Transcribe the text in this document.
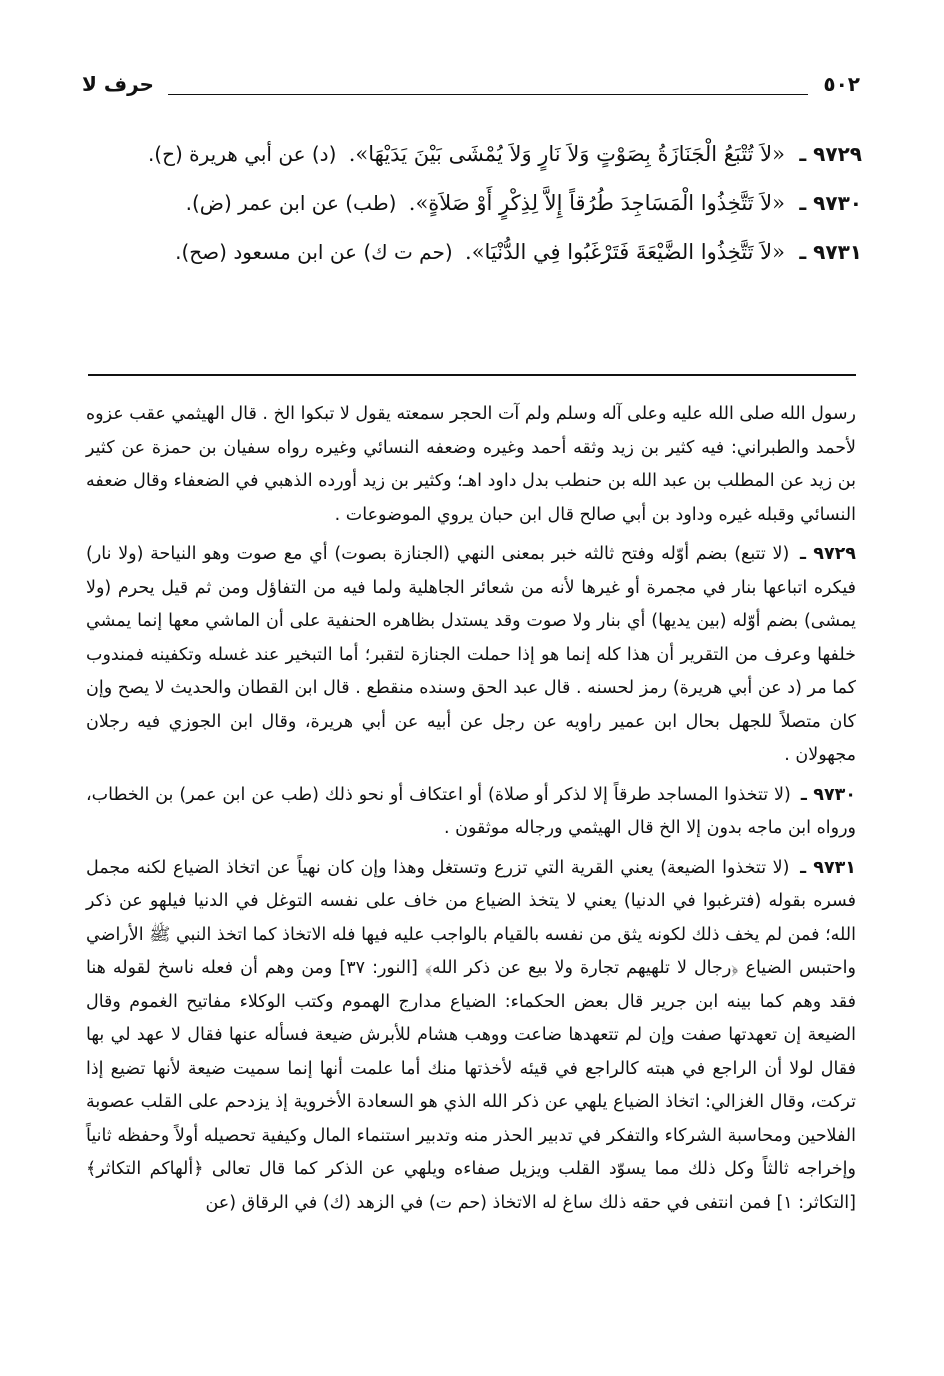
٥٠٢
حرف لا

٩٧٢٩ ـ «لاَ تُتْبَعُ الْجَنَازَةُ بِصَوْتٍ وَلاَ نَارٍ وَلاَ يُمْشَى بَيْنَ يَدَيْهَا». (د) عن أبي هريرة (ح).

٩٧٣٠ ـ «لاَ تَتَّخِذُوا الْمَسَاجِدَ طُرُقاً إِلاَّ لِذِكْرٍ أَوْ صَلاَةٍ». (طب) عن ابن عمر (ض).

٩٧٣١ ـ «لاَ تَتَّخِذُوا الضَّيْعَةَ فَتَرْغَبُوا فِي الدُّنْيَا». (حم ت ك) عن ابن مسعود (صح).

رسول الله صلى الله عليه وعلى آله وسلم ولم آت الحجر سمعته يقول لا تبكوا الخ . قال الهيثمي عقب عزوه لأحمد والطبراني: فيه كثير بن زيد وثقه أحمد وغيره وضعفه النسائي وغيره رواه سفيان بن حمزة عن كثير بن زيد عن المطلب بن عبد الله بن حنطب بدل داود اهـ؛ وكثير بن زيد أورده الذهبي في الضعفاء وقال ضعفه النسائي وقبله غيره وداود بن أبي صالح قال ابن حبان يروي الموضوعات .

٩٧٢٩ ـ (لا تتبع) بضم أوّله وفتح ثالثه خبر بمعنى النهي (الجنازة بصوت) أي مع صوت وهو النياحة (ولا نار) فيكره اتباعها بنار في مجمرة أو غيرها لأنه من شعائر الجاهلية ولما فيه من التفاؤل ومن ثم قيل يحرم (ولا يمشى) بضم أوّله (بين يديها) أي بنار ولا صوت وقد يستدل بظاهره الحنفية على أن الماشي معها إنما يمشي خلفها وعرف من التقرير أن هذا كله إنما هو إذا حملت الجنازة لتقبر؛ أما التبخير عند غسله وتكفينه فمندوب كما مر (د عن أبي هريرة) رمز لحسنه . قال عبد الحق وسنده منقطع . قال ابن القطان والحديث لا يصح وإن كان متصلاً للجهل بحال ابن عمير راويه عن رجل عن أبيه عن أبي هريرة، وقال ابن الجوزي فيه رجلان مجهولان .

٩٧٣٠ ـ (لا تتخذوا المساجد طرقاً إلا لذكر أو صلاة) أو اعتكاف أو نحو ذلك (طب عن ابن عمر) بن الخطاب، ورواه ابن ماجه بدون إلا الخ قال الهيثمي ورجاله موثقون .

٩٧٣١ ـ (لا تتخذوا الضيعة) يعني القرية التي تزرع وتستغل وهذا وإن كان نهياً عن اتخاذ الضياع لكنه مجمل فسره بقوله (فترغبوا في الدنيا) يعني لا يتخذ الضياع من خاف على نفسه التوغل في الدنيا فيلهو عن ذكر الله؛ فمن لم يخف ذلك لكونه يثق من نفسه بالقيام بالواجب عليه فيها فله الاتخاذ كما اتخذ النبي ﷺ الأراضي واحتبس الضياع ﴿رجال لا تلهيهم تجارة ولا بيع عن ذكر الله﴾ [النور: ٣٧] ومن وهم أن فعله ناسخ لقوله هنا فقد وهم كما بينه ابن جرير قال بعض الحكماء: الضياع مدارج الهموم وكتب الوكلاء مفاتيح الغموم وقال الضيعة إن تعهدتها صفت وإن لم تتعهدها ضاعت ووهب هشام للأبرش ضيعة فسأله عنها فقال لا عهد لي بها فقال لولا أن الراجع في هبته كالراجع في قيئه لأخذتها منك أما علمت أنها إنما سميت ضيعة لأنها تضيع إذا تركت، وقال الغزالي: اتخاذ الضياع يلهي عن ذكر الله الذي هو السعادة الأخروية إذ يزدحم على القلب عصوبة الفلاحين ومحاسبة الشركاء والتفكر في تدبير الحذر منه وتدبير استنماء المال وكيفية تحصيله أولاً وحفظه ثانياً وإخراجه ثالثاً وكل ذلك مما يسوّد القلب ويزيل صفاءه ويلهي عن الذكر كما قال تعالى ﴿ألهاكم التكاثر﴾ [التكاثر: ١] فمن انتفى في حقه ذلك ساغ له الاتخاذ (حم ت) في الزهد (ك) في الرقاق (عن
